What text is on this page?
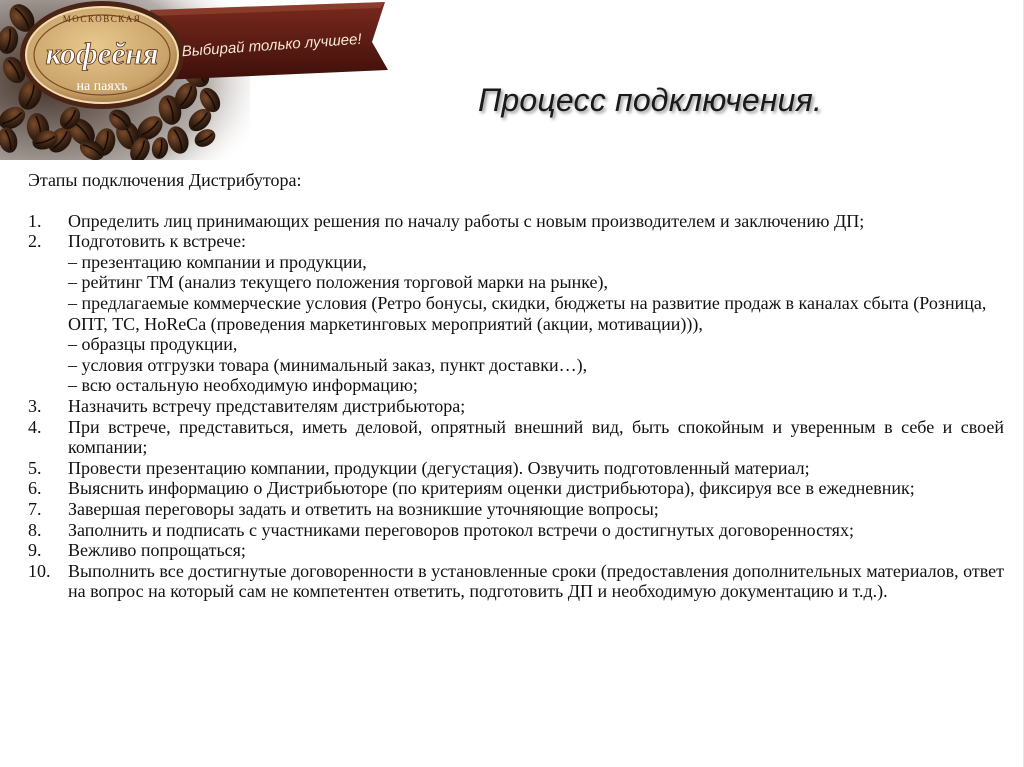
МОСКОВСКАЯ
кофеĕня
на паяхъ
Выбирай только лучшее!
Процесс подключения.
Этапы подключения Дистрибутора:
1. Определить лиц принимающих решения по началу работы с новым производителем и заключению ДП;
2. Подготовить к встрече:
– презентацию компании и продукции,
– рейтинг ТМ (анализ текущего положения торговой марки на рынке),
– предлагаемые коммерческие условия (Ретро бонусы, скидки, бюджеты на развитие продаж в каналах сбыта (Розница, ОПТ, ТС, HoReCa (проведения маркетинговых мероприятий (акции, мотивации))),
– образцы продукции,
– условия отгрузки товара (минимальный заказ, пункт доставки…),
– всю остальную необходимую информацию;
3. Назначить встречу представителям дистрибьютора;
4. При встрече, представиться, иметь деловой, опрятный внешний вид, быть спокойным и уверенным в себе и своей компании;
5. Провести презентацию компании, продукции (дегустация). Озвучить подготовленный материал;
6. Выяснить информацию о Дистрибьюторе (по критериям оценки дистрибьютора), фиксируя все в ежедневник;
7. Завершая переговоры задать и ответить на возникшие уточняющие вопросы;
8. Заполнить и подписать с участниками переговоров протокол встречи о достигнутых договоренностях;
9. Вежливо попрощаться;
10. Выполнить все достигнутые договоренности в установленные сроки (предоставления дополнительных материалов, ответ на вопрос на который сам не компетентен ответить, подготовить ДП и необходимую документацию и т.д.).
